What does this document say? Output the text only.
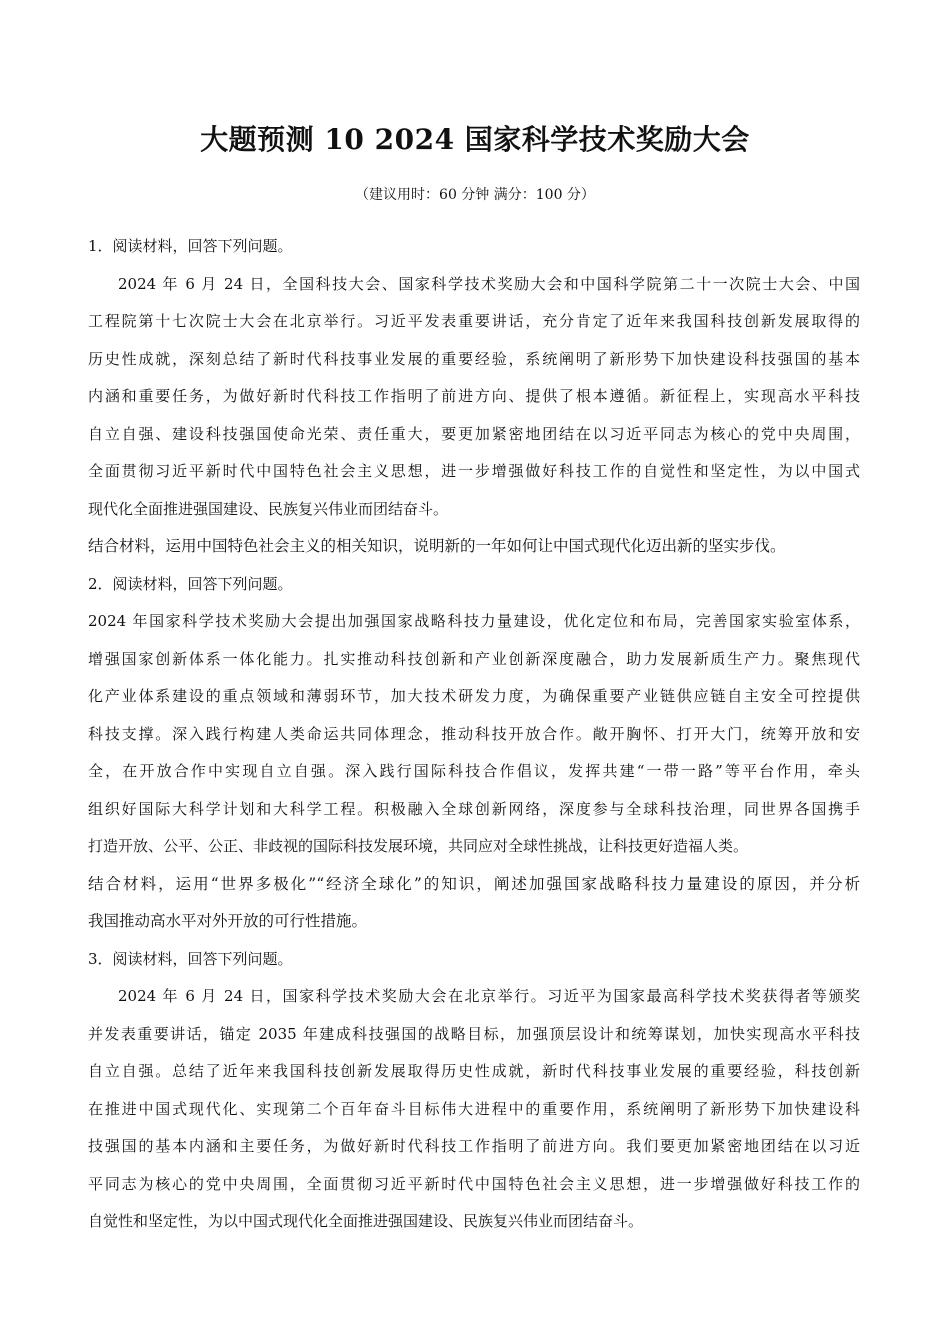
大题预测 10 2024 国家科学技术奖励大会
（建议用时：60 分钟 满分：100 分）
1．阅读材料，回答下列问题。
2024 年 6 月 24 日，全国科技大会、国家科学技术奖励大会和中国科学院第二十一次院士大会、中国
工程院第十七次院士大会在北京举行。习近平发表重要讲话，充分肯定了近年来我国科技创新发展取得的
历史性成就，深刻总结了新时代科技事业发展的重要经验，系统阐明了新形势下加快建设科技强国的基本
内涵和重要任务，为做好新时代科技工作指明了前进方向、提供了根本遵循。新征程上，实现高水平科技
自立自强、建设科技强国使命光荣、责任重大，要更加紧密地团结在以习近平同志为核心的党中央周围，
全面贯彻习近平新时代中国特色社会主义思想，进一步增强做好科技工作的自觉性和坚定性，为以中国式
现代化全面推进强国建设、民族复兴伟业而团结奋斗。
结合材料，运用中国特色社会主义的相关知识，说明新的一年如何让中国式现代化迈出新的坚实步伐。
2．阅读材料，回答下列问题。
2024 年国家科学技术奖励大会提出加强国家战略科技力量建设，优化定位和布局，完善国家实验室体系，
增强国家创新体系一体化能力。扎实推动科技创新和产业创新深度融合，助力发展新质生产力。聚焦现代
化产业体系建设的重点领域和薄弱环节，加大技术研发力度，为确保重要产业链供应链自主安全可控提供
科技支撑。深入践行构建人类命运共同体理念，推动科技开放合作。敞开胸怀、打开大门，统筹开放和安
全，在开放合作中实现自立自强。深入践行国际科技合作倡议，发挥共建“一带一路”等平台作用，牵头
组织好国际大科学计划和大科学工程。积极融入全球创新网络，深度参与全球科技治理，同世界各国携手
打造开放、公平、公正、非歧视的国际科技发展环境，共同应对全球性挑战，让科技更好造福人类。
结合材料，运用“世界多极化”“经济全球化”的知识，阐述加强国家战略科技力量建设的原因，并分析
我国推动高水平对外开放的可行性措施。
3．阅读材料，回答下列问题。
2024 年 6 月 24 日，国家科学技术奖励大会在北京举行。习近平为国家最高科学技术奖获得者等颁奖
并发表重要讲话，锚定 2035 年建成科技强国的战略目标，加强顶层设计和统筹谋划，加快实现高水平科技
自立自强。总结了近年来我国科技创新发展取得历史性成就，新时代科技事业发展的重要经验，科技创新
在推进中国式现代化、实现第二个百年奋斗目标伟大进程中的重要作用，系统阐明了新形势下加快建设科
技强国的基本内涵和主要任务，为做好新时代科技工作指明了前进方向。我们要更加紧密地团结在以习近
平同志为核心的党中央周围，全面贯彻习近平新时代中国特色社会主义思想，进一步增强做好科技工作的
自觉性和坚定性，为以中国式现代化全面推进强国建设、民族复兴伟业而团结奋斗。
